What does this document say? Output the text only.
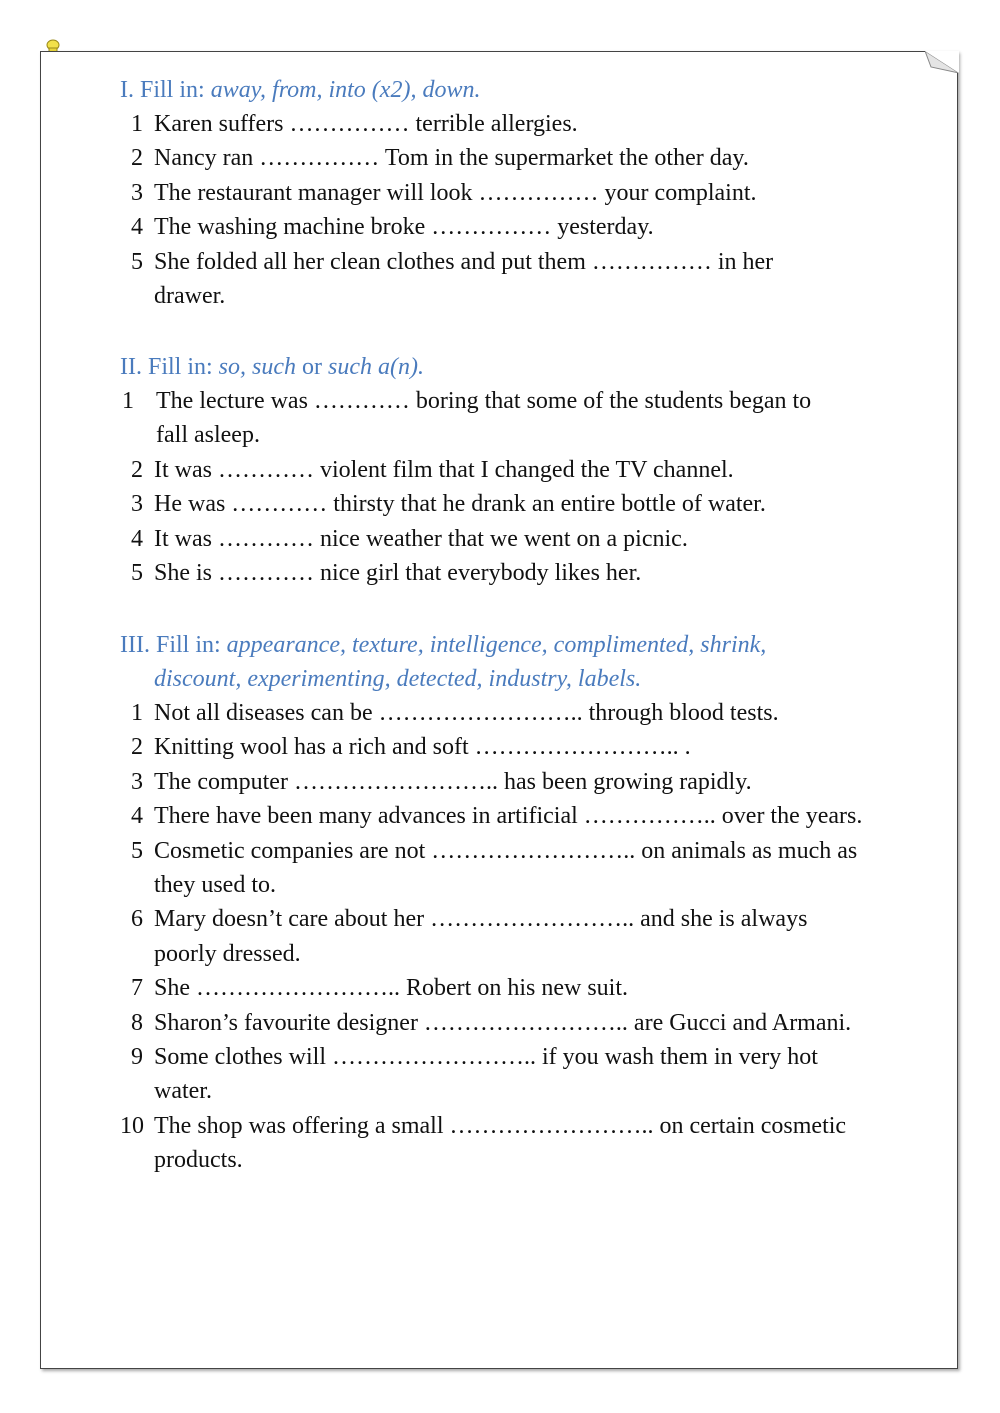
I. Fill in: away, from, into (x2), down.

1 Karen suffers …………… terrible allergies.
2 Nancy ran …………… Tom in the supermarket the other day.
3 The restaurant manager will look …………… your complaint.
4 The washing machine broke …………… yesterday.
5 She folded all her clean clothes and put them …………… in her drawer.

II. Fill in: so, such or such a(n).

1 The lecture was ………… boring that some of the students began to fall asleep.
2 It was ………… violent film that I changed the TV channel.
3 He was ………… thirsty that he drank an entire bottle of water.
4 It was ………… nice weather that we went on a picnic.
5 She is ………… nice girl that everybody likes her.

III. Fill in: appearance, texture, intelligence, complimented, shrink,
discount, experimenting, detected, industry, labels.

1 Not all diseases can be …………………….. through blood tests.
2 Knitting wool has a rich and soft …………………….. .
3 The computer …………………….. has been growing rapidly.
4 There have been many advances in artificial …………….. over the years.
5 Cosmetic companies are not …………………….. on animals as much as they used to.
6 Mary doesn’t care about her …………………….. and she is always poorly dressed.
7 She …………………….. Robert on his new suit.
8 Sharon’s favourite designer …………………….. are Gucci and Armani.
9 Some clothes will …………………….. if you wash them in very hot water.
10 The shop was offering a small …………………….. on certain cosmetic products.
